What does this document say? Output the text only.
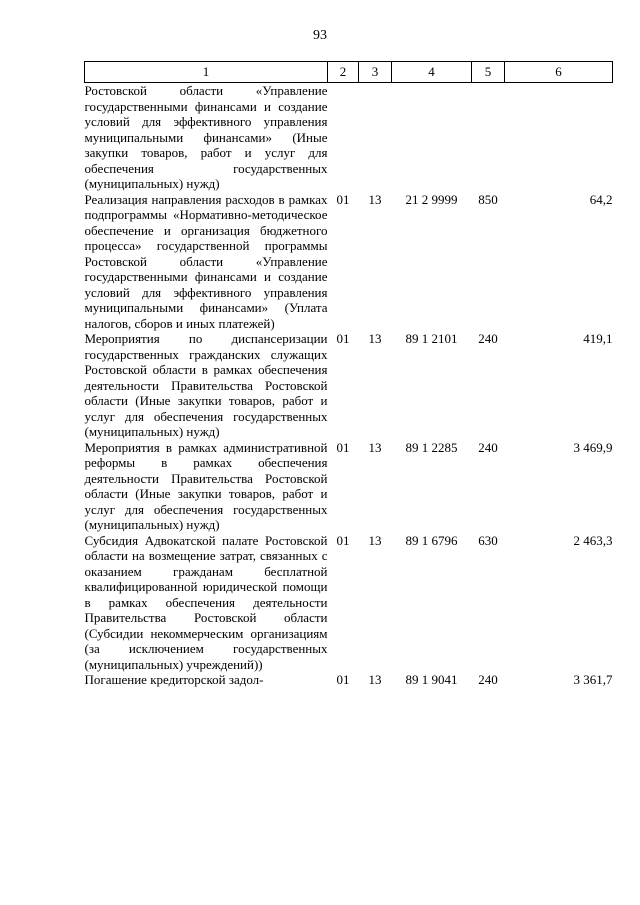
93
1	2	3	4	5	6
Ростовской области «Управление государственными финансами и создание условий для эффективного управления муниципальными финансами» (Иные закупки товаров, работ и услуг для обеспечения государственных (муниципальных) нужд)					
Реализация направления расходов в рамках подпрограммы «Нормативно-методическое обеспечение и организация бюджетного процесса» государственной программы Ростовской области «Управление государственными финансами и создание условий для эффективного управления муниципальными финансами» (Уплата налогов, сборов и иных платежей)	01	13	21 2 9999	850	64,2
Мероприятия по диспансеризации государственных гражданских служащих Ростовской области в рамках обеспечения деятельности Правительства Ростовской области (Иные закупки товаров, работ и услуг для обеспечения государственных (муниципальных) нужд)	01	13	89 1 2101	240	419,1
Мероприятия в рамках административной реформы в рамках обеспечения деятельности Правительства Ростовской области (Иные закупки товаров, работ и услуг для обеспечения государственных (муниципальных) нужд)	01	13	89 1 2285	240	3 469,9
Субсидия Адвокатской палате Ростовской области на возмещение затрат, связанных с оказанием гражданам бесплатной квалифицированной юридической помощи в рамках обеспечения деятельности Правительства Ростовской области (Субсидии некоммерческим организациям (за исключением государственных (муниципальных) учреждений))	01	13	89 1 6796	630	2 463,3
Погашение кредиторской задол-	01	13	89 1 9041	240	3 361,7
